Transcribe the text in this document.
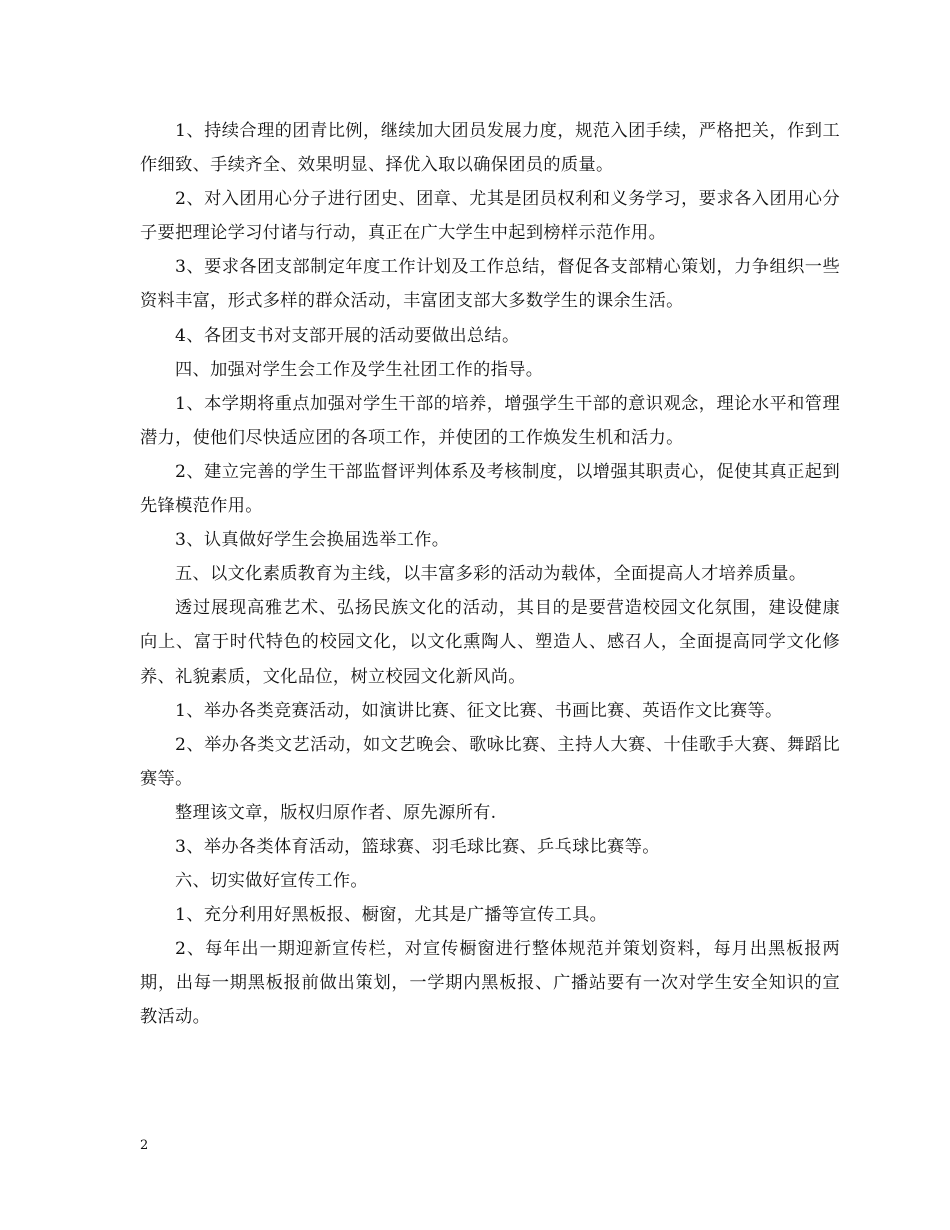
1、持续合理的团青比例，继续加大团员发展力度，规范入团手续，严格把关，作到工作细致、手续齐全、效果明显、择优入取以确保团员的质量。

2、对入团用心分子进行团史、团章、尤其是团员权利和义务学习，要求各入团用心分子要把理论学习付诸与行动，真正在广大学生中起到榜样示范作用。

3、要求各团支部制定年度工作计划及工作总结，督促各支部精心策划，力争组织一些资料丰富，形式多样的群众活动，丰富团支部大多数学生的课余生活。

4、各团支书对支部开展的活动要做出总结。

四、加强对学生会工作及学生社团工作的指导。

1、本学期将重点加强对学生干部的培养，增强学生干部的意识观念，理论水平和管理潜力，使他们尽快适应团的各项工作，并使团的工作焕发生机和活力。

2、建立完善的学生干部监督评判体系及考核制度，以增强其职责心，促使其真正起到先锋模范作用。

3、认真做好学生会换届选举工作。

五、以文化素质教育为主线，以丰富多彩的活动为载体，全面提高人才培养质量。

透过展现高雅艺术、弘扬民族文化的活动，其目的是要营造校园文化氛围，建设健康向上、富于时代特色的校园文化，以文化熏陶人、塑造人、感召人，全面提高同学文化修养、礼貌素质，文化品位，树立校园文化新风尚。

1、举办各类竞赛活动，如演讲比赛、征文比赛、书画比赛、英语作文比赛等。

2、举办各类文艺活动，如文艺晚会、歌咏比赛、主持人大赛、十佳歌手大赛、舞蹈比赛等。

整理该文章，版权归原作者、原先源所有.

3、举办各类体育活动，篮球赛、羽毛球比赛、乒乓球比赛等。

六、切实做好宣传工作。

1、充分利用好黑板报、橱窗，尤其是广播等宣传工具。

2、每年出一期迎新宣传栏，对宣传橱窗进行整体规范并策划资料，每月出黑板报两期，出每一期黑板报前做出策划，一学期内黑板报、广播站要有一次对学生安全知识的宣教活动。

2
